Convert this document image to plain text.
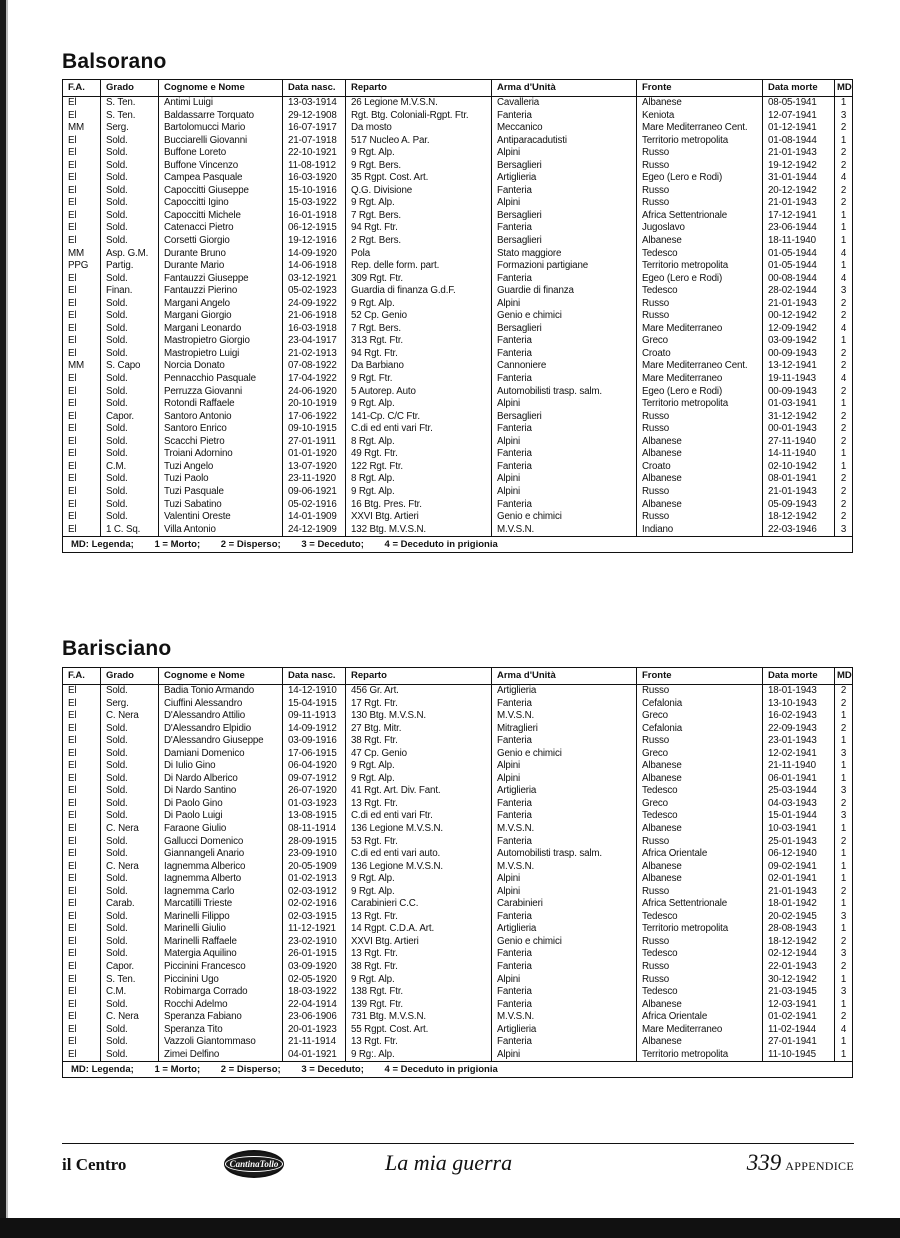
Balsorano
F.A.	Grado	Cognome e Nome	Data nasc.	Reparto	Arma d'Unità	Fronte	Data morte	MD
El	S. Ten.	Antimi Luigi	13-03-1914	26 Legione M.V.S.N.	Cavalleria	Albanese	08-05-1941	1
El	S. Ten.	Baldassarre Torquato	29-12-1908	Rgt. Btg. Coloniali-Rgpt. Ftr.	Fanteria	Keniota	12-07-1941	3
MM	Serg.	Bartolomucci Mario	16-07-1917	Da mosto	Meccanico	Mare Mediterraneo Cent.	01-12-1941	2
El	Sold.	Bucciarelli Giovanni	21-07-1918	517 Nucleo A. Par.	Antiparacadutisti	Territorio metropolita	01-08-1944	1
El	Sold.	Buffone Loreto	22-10-1921	9 Rgt. Alp.	Alpini	Russo	21-01-1943	2
El	Sold.	Buffone Vincenzo	11-08-1912	9 Rgt. Bers.	Bersaglieri	Russo	19-12-1942	2
El	Sold.	Campea Pasquale	16-03-1920	35 Rgpt. Cost. Art.	Artiglieria	Egeo (Lero e Rodi)	31-01-1944	4
El	Sold.	Capoccitti Giuseppe	15-10-1916	Q.G. Divisione	Fanteria	Russo	20-12-1942	2
El	Sold.	Capoccitti Igino	15-03-1922	9 Rgt. Alp.	Alpini	Russo	21-01-1943	2
El	Sold.	Capoccitti Michele	16-01-1918	7 Rgt. Bers.	Bersaglieri	Africa Settentrionale	17-12-1941	1
El	Sold.	Catenacci Pietro	06-12-1915	94 Rgt. Ftr.	Fanteria	Jugoslavo	23-06-1944	1
El	Sold.	Corsetti Giorgio	19-12-1916	2 Rgt. Bers.	Bersaglieri	Albanese	18-11-1940	1
MM	Asp. G.M.	Durante Bruno	14-09-1920	Pola	Stato maggiore	Tedesco	01-05-1944	4
PPG	Partig.	Durante Mario	14-06-1918	Rep. delle form. part.	Formazioni partigiane	Territorio metropolita	01-05-1944	1
El	Sold.	Fantauzzi Giuseppe	03-12-1921	309 Rgt. Ftr.	Fanteria	Egeo (Lero e Rodi)	00-08-1944	4
El	Finan.	Fantauzzi Pierino	05-02-1923	Guardia di finanza G.d.F.	Guardie di finanza	Tedesco	28-02-1944	3
El	Sold.	Margani Angelo	24-09-1922	9 Rgt. Alp.	Alpini	Russo	21-01-1943	2
El	Sold.	Margani Giorgio	21-06-1918	52 Cp. Genio	Genio e chimici	Russo	00-12-1942	2
El	Sold.	Margani Leonardo	16-03-1918	7 Rgt. Bers.	Bersaglieri	Mare Mediterraneo	12-09-1942	4
El	Sold.	Mastropietro Giorgio	23-04-1917	313 Rgt. Ftr.	Fanteria	Greco	03-09-1942	1
El	Sold.	Mastropietro Luigi	21-02-1913	94 Rgt. Ftr.	Fanteria	Croato	00-09-1943	2
MM	S. Capo	Norcia Donato	07-08-1922	Da Barbiano	Cannoniere	Mare Mediterraneo Cent.	13-12-1941	2
El	Sold.	Pennacchio Pasquale	17-04-1922	9 Rgt. Ftr.	Fanteria	Mare Mediterraneo	19-11-1943	4
El	Sold.	Perruzza Giovanni	24-06-1920	5 Autorep. Auto	Automobilisti trasp. salm.	Egeo (Lero e Rodi)	00-09-1943	2
El	Sold.	Rotondi Raffaele	20-10-1919	9 Rgt. Alp.	Alpini	Territorio metropolita	01-03-1941	1
El	Capor.	Santoro Antonio	17-06-1922	141-Cp. C/C Ftr.	Bersaglieri	Russo	31-12-1942	2
El	Sold.	Santoro Enrico	09-10-1915	C.di ed enti vari Ftr.	Fanteria	Russo	00-01-1943	2
El	Sold.	Scacchi Pietro	27-01-1911	8 Rgt. Alp.	Alpini	Albanese	27-11-1940	2
El	Sold.	Troiani Adornino	01-01-1920	49 Rgt. Ftr.	Fanteria	Albanese	14-11-1940	1
El	C.M.	Tuzi Angelo	13-07-1920	122 Rgt. Ftr.	Fanteria	Croato	02-10-1942	1
El	Sold.	Tuzi Paolo	23-11-1920	8 Rgt. Alp.	Alpini	Albanese	08-01-1941	2
El	Sold.	Tuzi Pasquale	09-06-1921	9 Rgt. Alp.	Alpini	Russo	21-01-1943	2
El	Sold.	Tuzi Sabatino	05-02-1916	16 Btg. Pres. Ftr.	Fanteria	Albanese	05-09-1943	2
El	Sold.	Valentini Oreste	14-01-1909	XXVI Btg. Artieri	Genio e chimici	Russo	18-12-1942	2
El	1 C. Sq.	Villa Antonio	24-12-1909	132 Btg. M.V.S.N.	M.V.S.N.	Indiano	22-03-1946	3
MD: Legenda; 1 = Morto; 2 = Disperso; 3 = Deceduto; 4 = Deceduto in prigionia
Barisciano
F.A.	Grado	Cognome e Nome	Data nasc.	Reparto	Arma d'Unità	Fronte	Data morte	MD
El	Sold.	Badia Tonio Armando	14-12-1910	456 Gr. Art.	Artiglieria	Russo	18-01-1943	2
El	Serg.	Ciuffini Alessandro	15-04-1915	17 Rgt. Ftr.	Fanteria	Cefalonia	13-10-1943	2
El	C. Nera	D'Alessandro Attilio	09-11-1913	130 Btg. M.V.S.N.	M.V.S.N.	Greco	16-02-1943	1
El	Sold.	D'Alessandro Elpidio	14-09-1912	27 Btg. Mitr.	Mitraglieri	Cefalonia	22-09-1943	2
El	Sold.	D'Alessandro Giuseppe	03-09-1916	38 Rgt. Ftr.	Fanteria	Russo	23-01-1943	1
El	Sold.	Damiani Domenico	17-06-1915	47 Cp. Genio	Genio e chimici	Greco	12-02-1941	3
El	Sold.	Di Iulio Gino	06-04-1920	9 Rgt. Alp.	Alpini	Albanese	21-11-1940	1
El	Sold.	Di Nardo Alberico	09-07-1912	9 Rgt. Alp.	Alpini	Albanese	06-01-1941	1
El	Sold.	Di Nardo Santino	26-07-1920	41 Rgt. Art. Div. Fant.	Artiglieria	Tedesco	25-03-1944	3
El	Sold.	Di Paolo Gino	01-03-1923	13 Rgt. Ftr.	Fanteria	Greco	04-03-1943	2
El	Sold.	Di Paolo Luigi	13-08-1915	C.di ed enti vari Ftr.	Fanteria	Tedesco	15-01-1944	3
El	C. Nera	Faraone Giulio	08-11-1914	136 Legione M.V.S.N.	M.V.S.N.	Albanese	10-03-1941	1
El	Sold.	Gallucci Domenico	28-09-1915	53 Rgt. Ftr.	Fanteria	Russo	25-01-1943	2
El	Sold.	Giannangeli Anario	23-09-1910	C.di ed enti vari auto.	Automobilisti trasp. salm.	Africa Orientale	06-12-1940	1
El	C. Nera	Iagnemma Alberico	20-05-1909	136 Legione M.V.S.N.	M.V.S.N.	Albanese	09-02-1941	1
El	Sold.	Iagnemma Alberto	01-02-1913	9 Rgt. Alp.	Alpini	Albanese	02-01-1941	1
El	Sold.	Iagnemma Carlo	02-03-1912	9 Rgt. Alp.	Alpini	Russo	21-01-1943	2
El	Carab.	Marcatilli Trieste	02-02-1916	Carabinieri C.C.	Carabinieri	Africa Settentrionale	18-01-1942	1
El	Sold.	Marinelli Filippo	02-03-1915	13 Rgt. Ftr.	Fanteria	Tedesco	20-02-1945	3
El	Sold.	Marinelli Giulio	11-12-1921	14 Rgpt. C.D.A. Art.	Artiglieria	Territorio metropolita	28-08-1943	1
El	Sold.	Marinelli Raffaele	23-02-1910	XXVI Btg. Artieri	Genio e chimici	Russo	18-12-1942	2
El	Sold.	Matergia Aquilino	26-01-1915	13 Rgt. Ftr.	Fanteria	Tedesco	02-12-1944	3
El	Capor.	Piccinini Francesco	03-09-1920	38 Rgt. Ftr.	Fanteria	Russo	22-01-1943	2
El	S. Ten.	Piccinini Ugo	02-05-1920	9 Rgt. Alp.	Alpini	Russo	30-12-1942	1
El	C.M.	Robimarga Corrado	18-03-1922	138 Rgt. Ftr.	Fanteria	Tedesco	21-03-1945	3
El	Sold.	Rocchi Adelmo	22-04-1914	139 Rgt. Ftr.	Fanteria	Albanese	12-03-1941	1
El	C. Nera	Speranza Fabiano	23-06-1906	731 Btg. M.V.S.N.	M.V.S.N.	Africa Orientale	01-02-1941	2
El	Sold.	Speranza Tito	20-01-1923	55 Rgpt. Cost. Art.	Artiglieria	Mare Mediterraneo	11-02-1944	4
El	Sold.	Vazzoli Giantommaso	21-11-1914	13 Rgt. Ftr.	Fanteria	Albanese	27-01-1941	1
El	Sold.	Zimei Delfino	04-01-1921	9 Rg:. Alp.	Alpini	Territorio metropolita	11-10-1945	1
MD: Legenda; 1 = Morto; 2 = Disperso; 3 = Deceduto; 4 = Deceduto in prigionia
il Centro	CantinaTollo	La mia guerra	339 APPENDICE
